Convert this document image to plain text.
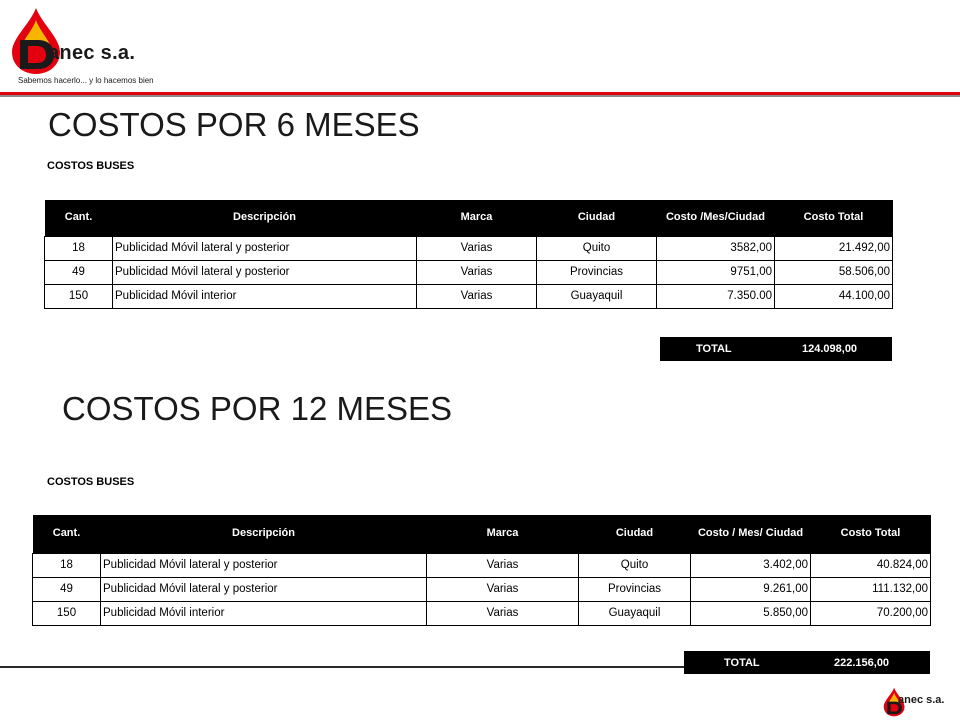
anec s.a.
Sabemos hacerlo... y lo hacemos bien
COSTOS POR 6 MESES
COSTOS BUSES
Cant.	Descripción	Marca	Ciudad	Costo /Mes/Ciudad	Costo Total
18	Publicidad Móvil lateral y posterior	Varias	Quito	3582,00	21.492,00
49	Publicidad Móvil lateral y posterior	Varias	Provincias	9751,00	58.506,00
150	Publicidad Móvil interior	Varias	Guayaquil	7.350.00	44.100,00
TOTAL	124.098,00
COSTOS POR 12 MESES
COSTOS BUSES
Cant.	Descripción	Marca	Ciudad	Costo / Mes/ Ciudad	Costo Total
18	Publicidad Móvil lateral y posterior	Varias	Quito	3.402,00	40.824,00
49	Publicidad Móvil lateral y posterior	Varias	Provincias	9.261,00	111.132,00
150	Publicidad Móvil interior	Varias	Guayaquil	5.850,00	70.200,00
TOTAL	222.156,00
anec s.a.
